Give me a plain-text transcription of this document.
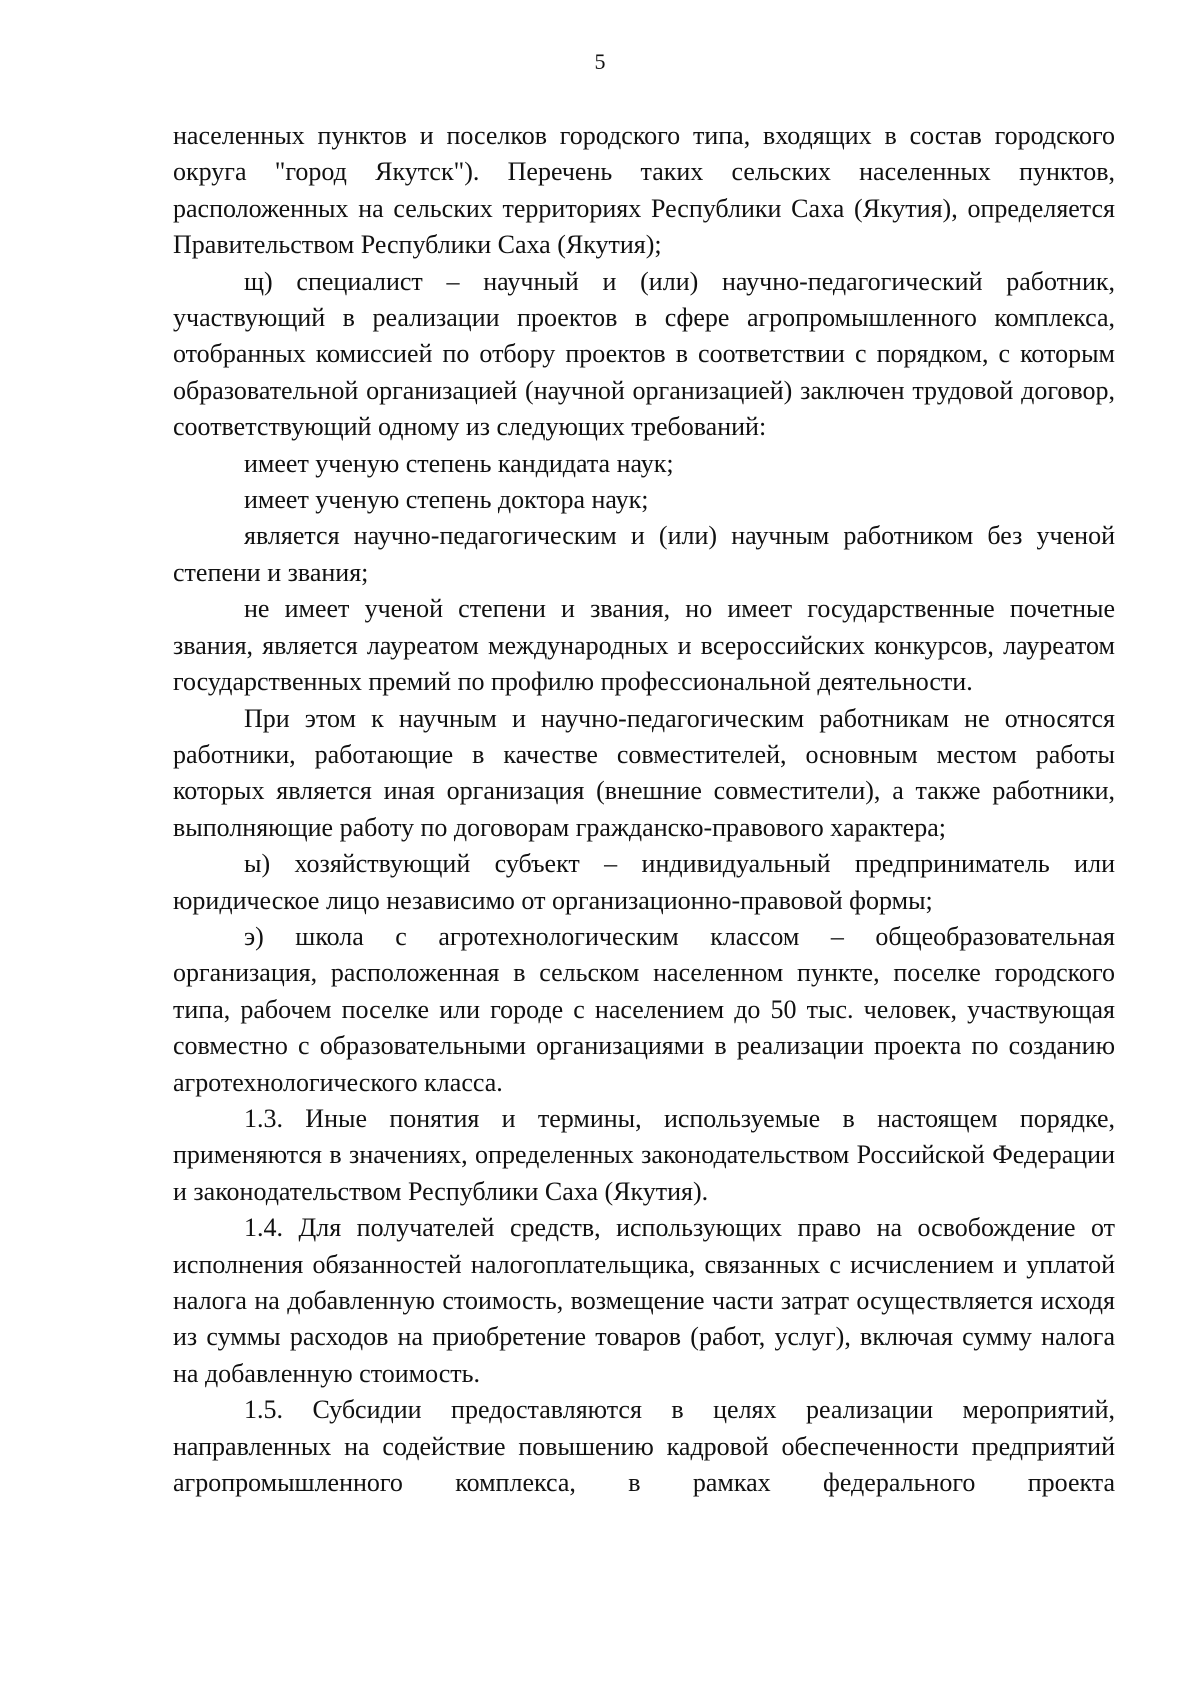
5

населенных пунктов и поселков городского типа, входящих в состав городского округа "город Якутск"). Перечень таких сельских населенных пунктов, расположенных на сельских территориях Республики Саха (Якутия), определяется Правительством Республики Саха (Якутия);

щ) специалист – научный и (или) научно-педагогический работник, участвующий в реализации проектов в сфере агропромышленного комплекса, отобранных комиссией по отбору проектов в соответствии с порядком, с которым образовательной организацией (научной организацией) заключен трудовой договор, соответствующий одному из следующих требований:

имеет ученую степень кандидата наук;

имеет ученую степень доктора наук;

является научно-педагогическим и (или) научным работником без ученой степени и звания;

не имеет ученой степени и звания, но имеет государственные почетные звания, является лауреатом международных и всероссийских конкурсов, лауреатом государственных премий по профилю профессиональной деятельности.

При этом к научным и научно-педагогическим работникам не относятся работники, работающие в качестве совместителей, основным местом работы которых является иная организация (внешние совместители), а также работники, выполняющие работу по договорам гражданско-правового характера;

ы) хозяйствующий субъект – индивидуальный предприниматель или юридическое лицо независимо от организационно-правовой формы;

э) школа с агротехнологическим классом – общеобразовательная организация, расположенная в сельском населенном пункте, поселке городского типа, рабочем поселке или городе с населением до 50 тыс. человек, участвующая совместно с образовательными организациями в реализации проекта по созданию агротехнологического класса.

1.3. Иные понятия и термины, используемые в настоящем порядке, применяются в значениях, определенных законодательством Российской Федерации и законодательством Республики Саха (Якутия).

1.4. Для получателей средств, использующих право на освобождение от исполнения обязанностей налогоплательщика, связанных с исчислением и уплатой налога на добавленную стоимость, возмещение части затрат осуществляется исходя из суммы расходов на приобретение товаров (работ, услуг), включая сумму налога на добавленную стоимость.

1.5. Субсидии предоставляются в целях реализации мероприятий, направленных на содействие повышению кадровой обеспеченности предприятий агропромышленного комплекса, в рамках федерального проекта
